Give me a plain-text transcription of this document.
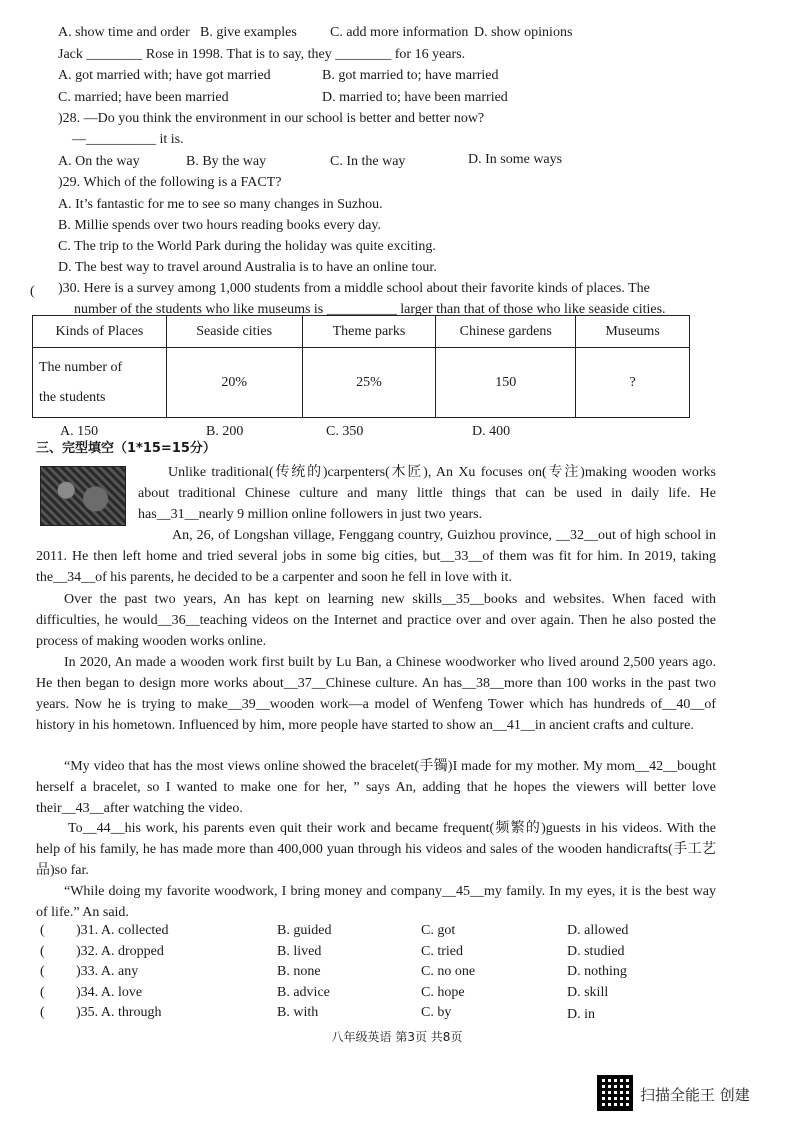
A. show time and order B. give examples C. add more information D. show opinions
Jack ________ Rose in 1998. That is to say, they ________ for 16 years.
A. got married with; have got married	B. got married to; have married
C. married; have been married	D. married to; have been married
)28. —Do you think the environment in our school is better and better now?
—__________ it is.
A. On the way	B. By the way	C. In the way	D. In some ways
)29. Which of the following is a FACT?
A. It’s fantastic for me to see so many changes in Suzhou.
B. Millie spends over two hours reading books every day.
C. The trip to the World Park during the holiday was quite exciting.
D. The best way to travel around Australia is to have an online tour.
( )30. Here is a survey among 1,000 students from a middle school about their favorite kinds of places. The
number of the students who like museums is __________ larger than that of those who like seaside cities.
Kinds of Places	Seaside cities	Theme parks	Chinese gardens	Museums

The number of
the students	20%	25%	150	?
A. 150	B. 200	C. 350	D. 400
三、完型填空（1*15=15分）
Unlike traditional(传统的)carpenters(木匠), An Xu focuses on(专注)making wooden works about traditional Chinese culture and many little things that can be used in daily life. He has__31__nearly 9 million online followers in just two years.
An, 26, of Longshan village, Fenggang country, Guizhou province, __32__out of high school in 2011. He then left home and tried several jobs in some big cities, but__33__of them was fit for him. In 2019, taking the__34__of his parents, he decided to be a carpenter and soon he fell in love with it.
Over the past two years, An has kept on learning new skills__35__books and websites. When faced with difficulties, he would__36__teaching videos on the Internet and practice over and over again. Then he also posted the process of making wooden works online.
In 2020, An made a wooden work first built by Lu Ban, a Chinese woodworker who lived around 2,500 years ago. He then began to design more works about__37__Chinese culture. An has__38__more than 100 works in the past two years. Now he is trying to make__39__wooden work—a model of Wenfeng Tower which has hundreds of__40__of history in his hometown. Influenced by him, more people have started to show an__41__in ancient crafts and culture.
“My video that has the most views online showed the bracelet(手镯)I made for my mother. My mom__42__bought herself a bracelet, so I wanted to make one for her, ” says An, adding that he hopes the viewers will better love their__43__after watching the video.
To__44__his work, his parents even quit their work and became frequent(频繁的)guests in his videos. With the help of his family, he has made more than 400,000 yuan through his videos and sales of the wooden handicrafts(手工艺品)so far.
“While doing my favorite woodwork, I bring money and company__45__my family. In my eyes, it is the best way of life.” An said.
( )31. A. collected	B. guided	C. got	D. allowed
( )32. A. dropped	B. lived	C. tried	D. studied
( )33. A. any	B. none	C. no one	D. nothing
( )34. A. love	B. advice	C. hope	D. skill
( )35. A. through	B. with	C. by	D. in
八年级英语 第3页 共8页
扫描全能王 创建
